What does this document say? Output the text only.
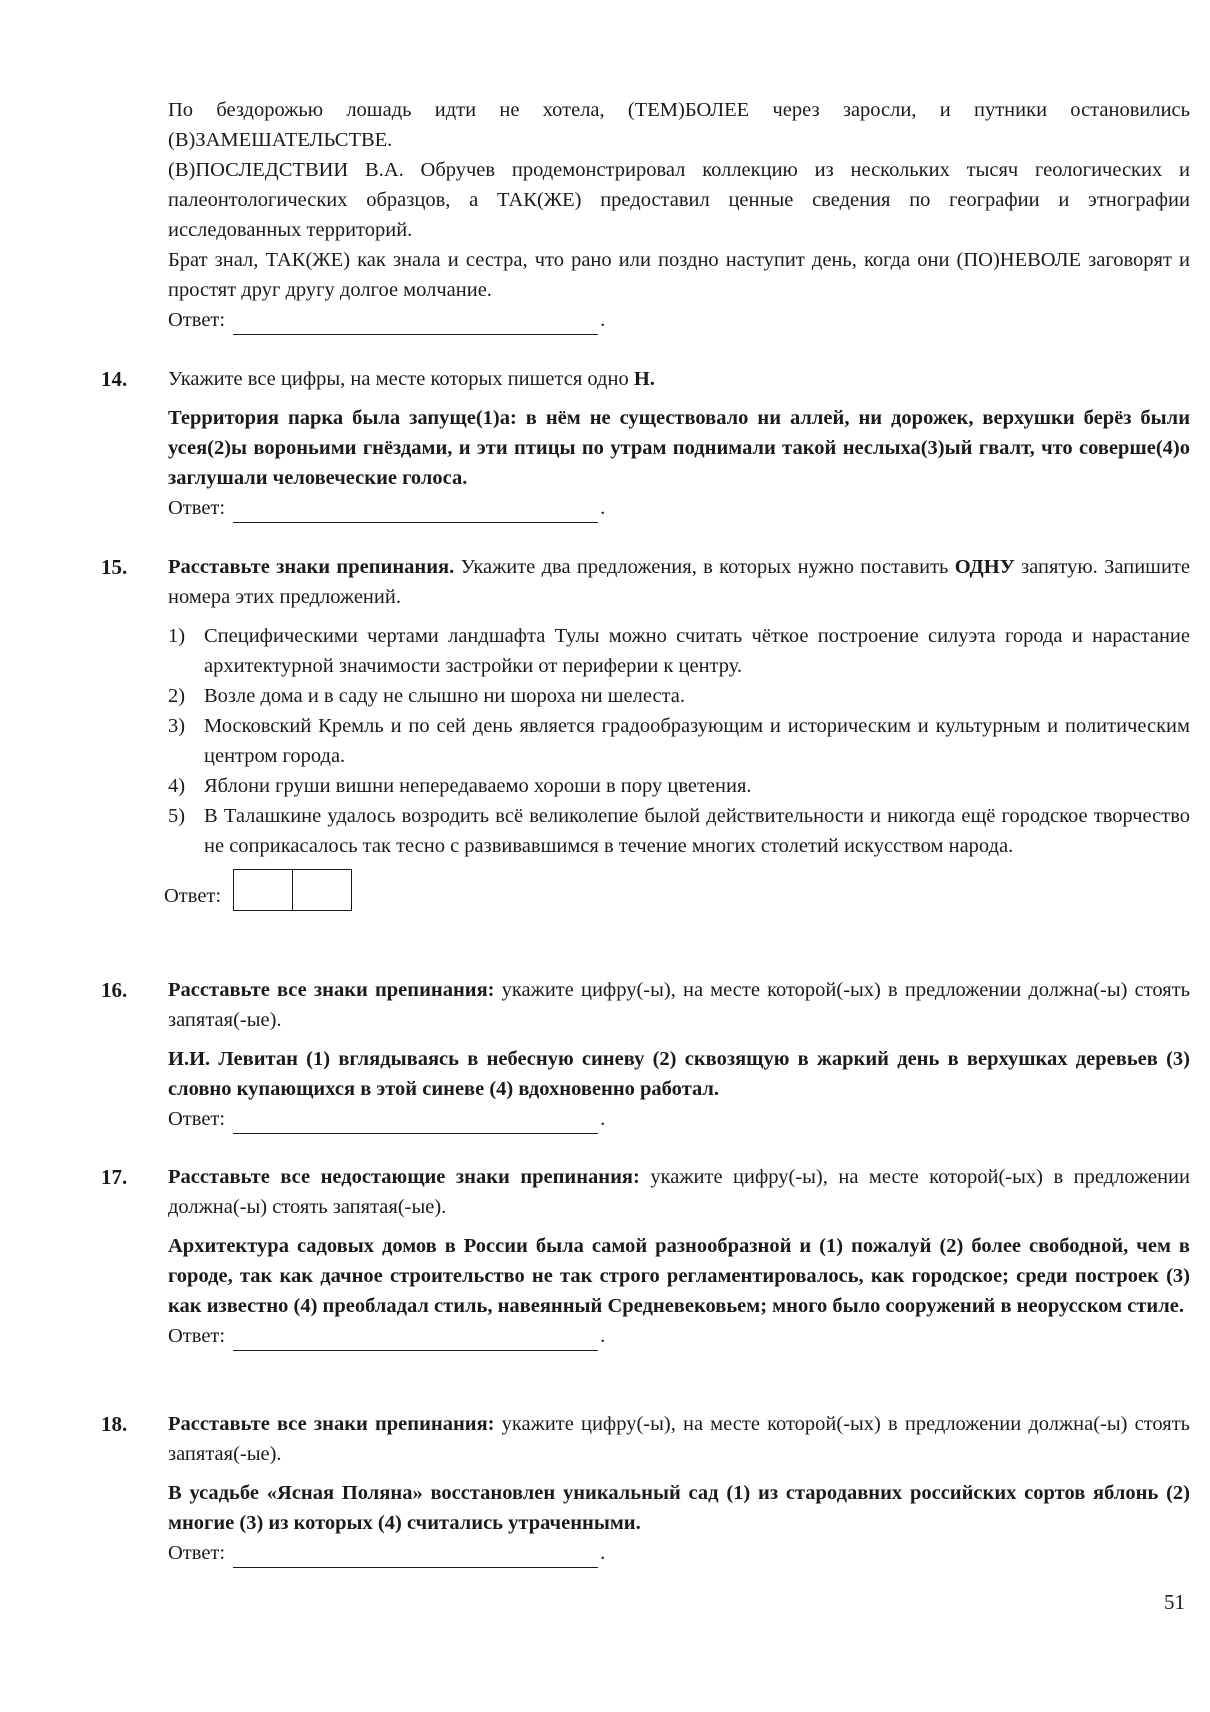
По бездорожью лошадь идти не хотела, (ТЕМ)БОЛЕЕ через заросли, и путники остановились (В)ЗАМЕШАТЕЛЬСТВЕ.

(В)ПОСЛЕДСТВИИ В.А. Обручев продемонстрировал коллекцию из нескольких тысяч геологических и палеонтологических образцов, а ТАК(ЖЕ) предоставил ценные сведения по географии и этнографии исследованных территорий.

Брат знал, ТАК(ЖЕ) как знала и сестра, что рано или поздно наступит день, когда они (ПО)НЕВОЛЕ заговорят и простят друг другу долгое молчание.

Ответ:	.
14. Укажите все цифры, на месте которых пишется одно Н.

Территория парка была запуще(1)а: в нём не существовало ни аллей, ни дорожек, верхушки берёз были усея(2)ы вороньими гнёздами, и эти птицы по утрам поднимали такой неслыха(3)ый гвалт, что соверше(4)о заглушали человеческие голоса.

Ответ:	.
15. Расставьте знаки препинания. Укажите два предложения, в которых нужно поставить ОДНУ запятую. Запишите номера этих предложений.

1) Специфическими чертами ландшафта Тулы можно считать чёткое построение силуэта города и нарастание архитектурной значимости застройки от периферии к центру.
2) Возле дома и в саду не слышно ни шороха ни шелеста.
3) Московский Кремль и по сей день является градообразующим и историческим и культурным и политическим центром города.
4) Яблони груши вишни непередаваемо хороши в пору цветения.
5) В Талашкине удалось возродить всё великолепие былой действительности и никогда ещё городское творчество не соприкасалось так тесно с развивавшимся в течение многих столетий искусством народа.
Ответ:
16. Расставьте все знаки препинания: укажите цифру(-ы), на месте которой(-ых) в предложении должна(-ы) стоять запятая(-ые).

И.И. Левитан (1) вглядываясь в небесную синеву (2) сквозящую в жаркий день в верхушках деревьев (3) словно купающихся в этой синеве (4) вдохновенно работал.

Ответ:	.
17. Расставьте все недостающие знаки препинания: укажите цифру(-ы), на месте которой(-ых) в предложении должна(-ы) стоять запятая(-ые).

Архитектура садовых домов в России была самой разнообразной и (1) пожалуй (2) более свободной, чем в городе, так как дачное строительство не так строго регламентировалось, как городское; среди построек (3) как известно (4) преобладал стиль, навеянный Средневековьем; много было сооружений в неорусском стиле.

Ответ:	.
18. Расставьте все знаки препинания: укажите цифру(-ы), на месте которой(-ых) в предложении должна(-ы) стоять запятая(-ые).

В усадьбе «Ясная Поляна» восстановлен уникальный сад (1) из стародавних российских сортов яблонь (2) многие (3) из которых (4) считались утраченными.

Ответ:	.
51
